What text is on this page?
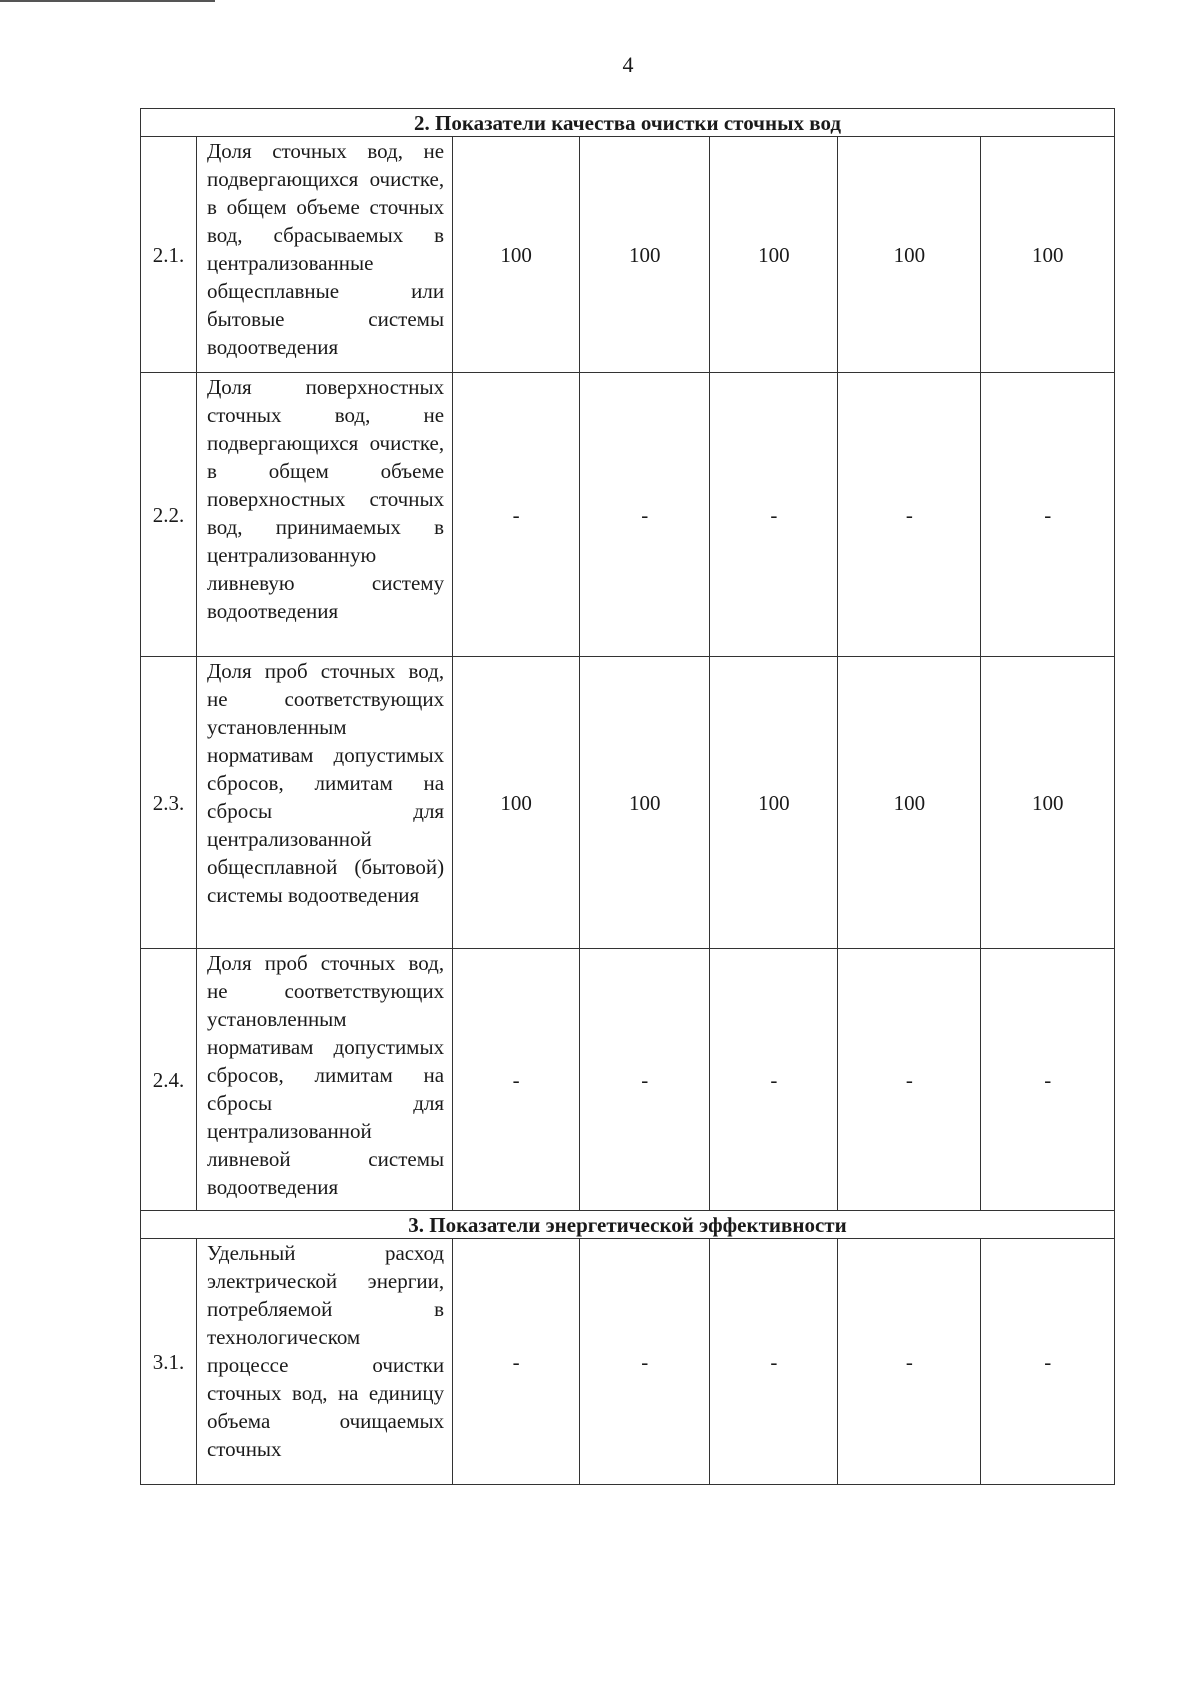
4
2. Показатели качества очистки сточных вод						
2.1.	Доля сточных вод, не подвергающихся очистке, в общем объеме сточных вод, сбрасываемых в централизованные общесплавные или бытовые системы водоотведения	100	100	100	100	100
2.2.	Доля поверхностных сточных вод, не подвергающихся очистке, в общем объеме поверхностных сточных вод, принимаемых в централизованную ливневую систему водоотведения	-	-	-	-	-
2.3.	Доля проб сточных вод, не соответствующих установленным нормативам допустимых сбросов, лимитам на сбросы для централизованной общесплавной (бытовой) системы водоотведения	100	100	100	100	100
2.4.	Доля проб сточных вод, не соответствующих установленным нормативам допустимых сбросов, лимитам на сбросы для централизованной ливневой системы водоотведения	-	-	-	-	-
3. Показатели энергетической эффективности						
3.1.	Удельный расход электрической энергии, потребляемой в технологическом процессе очистки сточных вод, на единицу объема очищаемых сточных	-	-	-	-	-
